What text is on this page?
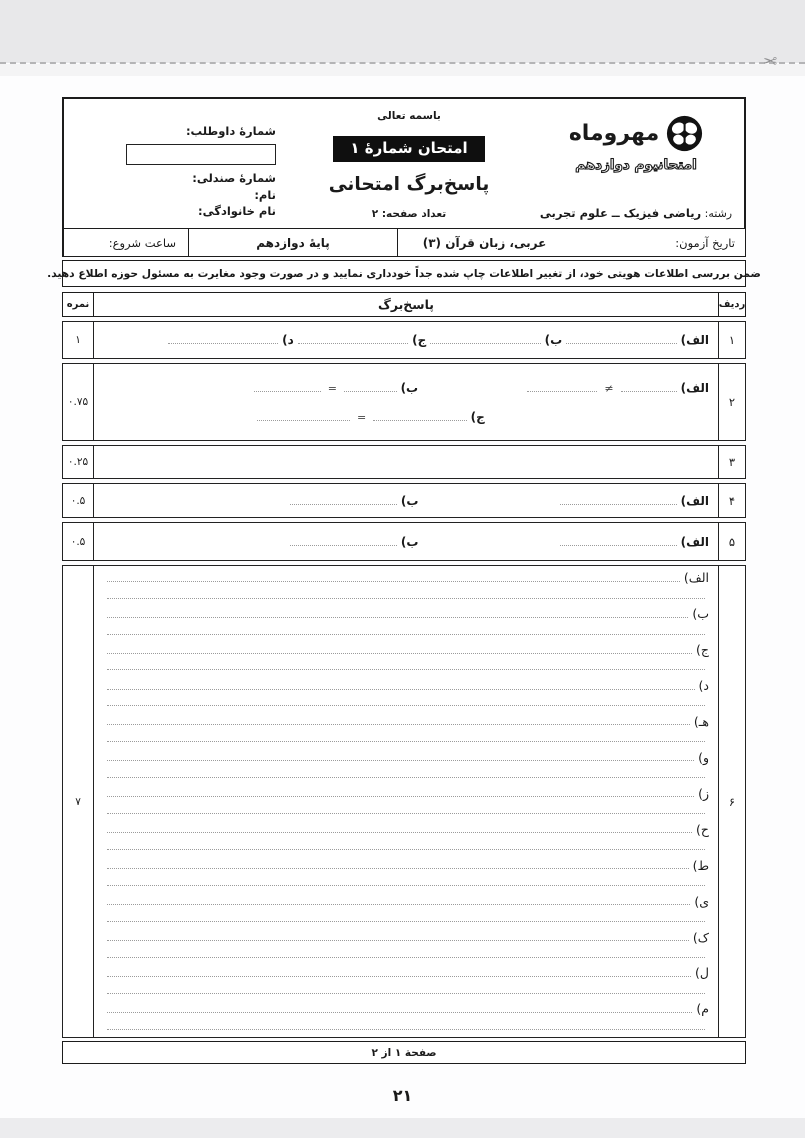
✂
مهروماه
امتحانیوم دوازدهم
رشته: ریاضی فیزیک ــ علوم تجربی
باسمه تعالی
امتحان شمارهٔ ۱
پاسخ‌برگ امتحانی
تعداد صفحه: ۲
شمارهٔ داوطلب:
شمارهٔ صندلی:
نام:
نام خانوادگی:
تاریخ آزمون:
عربی، زبان قرآن (۳)
پایهٔ دوازدهم
ساعت شروع:
ضمن بررسی اطلاعات هویتی خود، از تغییر اطلاعات چاپ شده جداً خودداری نمایید و در صورت وجود مغایرت به مسئول حوزه اطلاع دهید.
ردیف
پاسخ‌برگ
نمره
۱
الف)
ب)
ج)
د)
۱
۲
الف)
≠
ب)
=
ج)
=
۰.۷۵
۳
۰.۲۵
۴
الف)
ب)
۰.۵
۵
الف)
ب)
۰.۵
۶
الف)
ب)
ج)
د)
هـ)
و)
ز)
ح)
ط)
ی)
ک)
ل)
م)
۷
صفحة ۱ از ۲
۲۱
